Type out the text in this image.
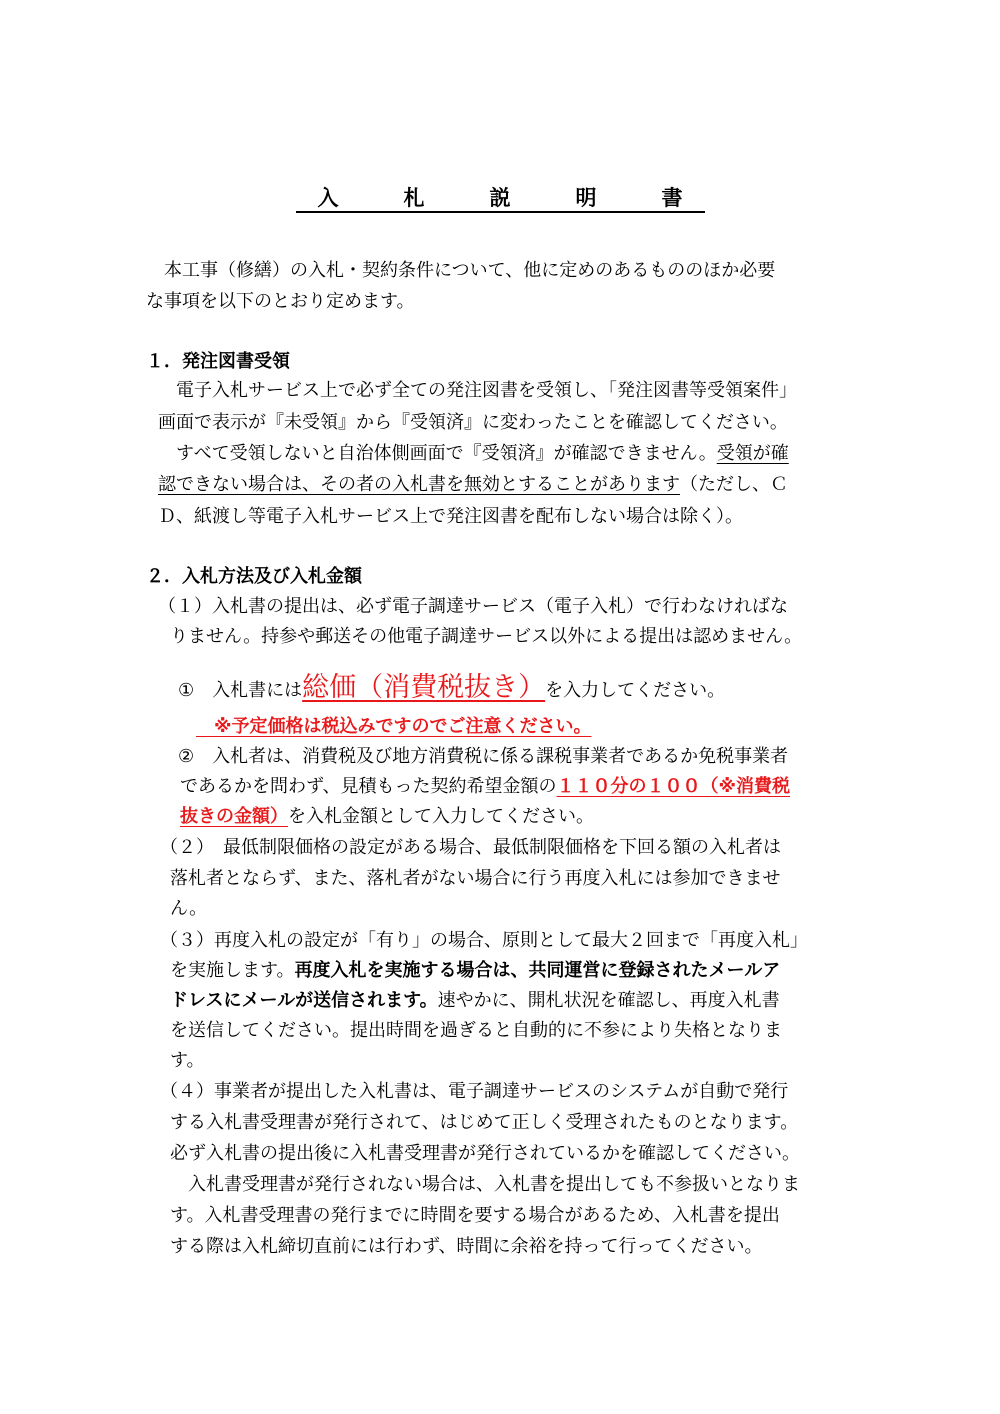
入　札　説　明　書
　本工事（修繕）の入札・契約条件について、他に定めのあるもののほか必要
な事項を以下のとおり定めます。
１．発注図書受領
　電子入札サービス上で必ず全ての発注図書を受領し、「発注図書等受領案件」
画面で表示が『未受領』から『受領済』に変わったことを確認してください。
　すべて受領しないと自治体側画面で『受領済』が確認できません。受領が確
認できない場合は、その者の入札書を無効とすることがあります（ただし、Ｃ
Ｄ、紙渡し等電子入札サービス上で発注図書を配布しない場合は除く）。
２．入札方法及び入札金額
（１）入札書の提出は、必ず電子調達サービス（電子入札）で行わなければな
りません。持参や郵送その他電子調達サービス以外による提出は認めません。
①　入札書には総価（消費税抜き）を入力してください。
　※予定価格は税込みですのでご注意ください。
②　入札者は、消費税及び地方消費税に係る課税事業者であるか免税事業者
であるかを問わず、見積もった契約希望金額の１１０分の１００（※消費税
抜きの金額）を入札金額として入力してください。
（２）　最低制限価格の設定がある場合、最低制限価格を下回る額の入札者は
落札者とならず、また、落札者がない場合に行う再度入札には参加できませ
ん。
（３）再度入札の設定が「有り」の場合、原則として最大２回まで「再度入札」
を実施します。再度入札を実施する場合は、共同運営に登録されたメールア
ドレスにメールが送信されます。速やかに、開札状況を確認し、再度入札書
を送信してください。提出時間を過ぎると自動的に不参により失格となりま
す。
（４）事業者が提出した入札書は、電子調達サービスのシステムが自動で発行
する入札書受理書が発行されて、はじめて正しく受理されたものとなります。
必ず入札書の提出後に入札書受理書が発行されているかを確認してください。
　入札書受理書が発行されない場合は、入札書を提出しても不参扱いとなりま
す。入札書受理書の発行までに時間を要する場合があるため、入札書を提出
する際は入札締切直前には行わず、時間に余裕を持って行ってください。
